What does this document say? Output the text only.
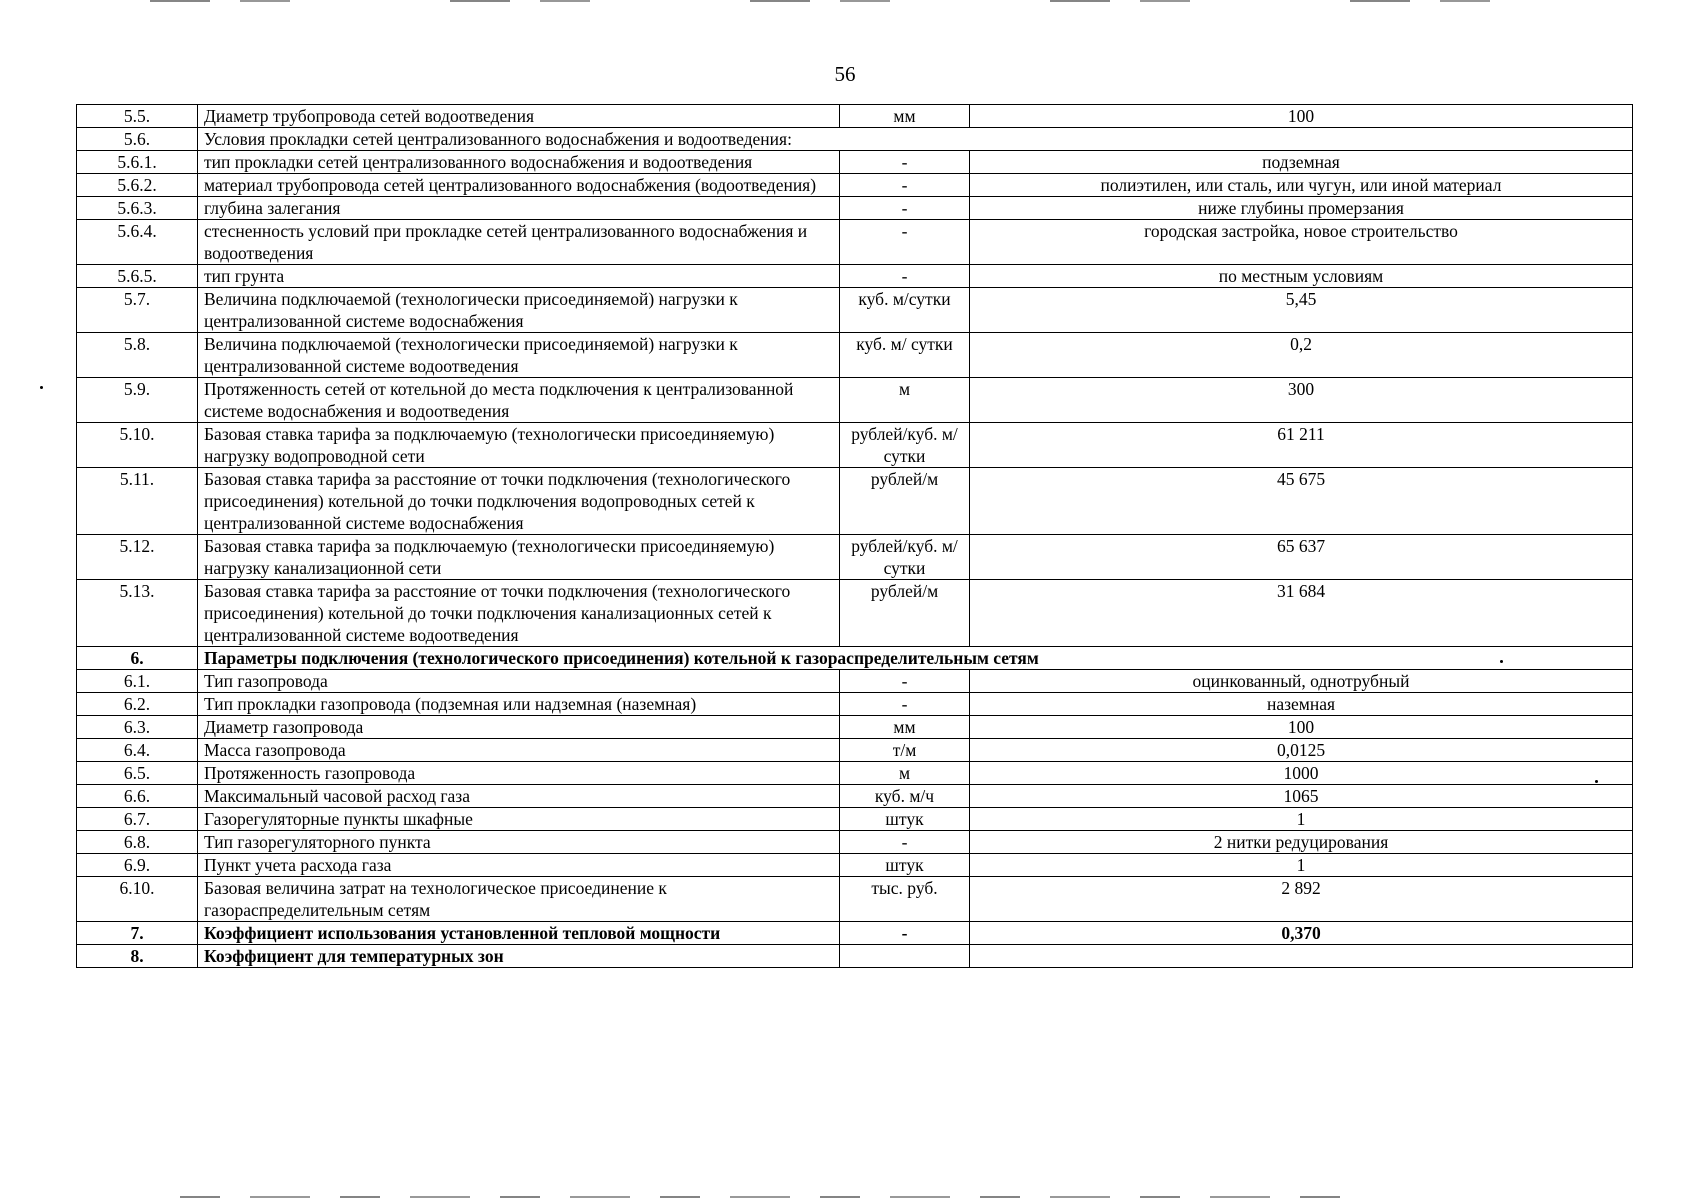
56
5.5.	Диаметр трубопровода сетей водоотведения	мм	100
5.6.	Условия прокладки сетей централизованного водоснабжения и водоотведения:		
5.6.1.	тип прокладки сетей централизованного водоснабжения и водоотведения	-	подземная
5.6.2.	материал трубопровода сетей централизованного водоснабжения (водоотведения)	-	полиэтилен, или сталь, или чугун, или иной материал
5.6.3.	глубина залегания	-	ниже глубины промерзания
5.6.4.	стесненность условий при прокладке сетей централизованного водоснабжения и водоотведения	-	городская застройка, новое строительство
5.6.5.	тип грунта	-	по местным условиям
5.7.	Величина подключаемой (технологически присоединяемой) нагрузки к централизованной системе водоснабжения	куб. м/сутки	5,45
5.8.	Величина подключаемой (технологически присоединяемой) нагрузки к централизованной системе водоотведения	куб. м/ сутки	0,2
5.9.	Протяженность сетей от котельной до места подключения к централизованной системе водоснабжения и водоотведения	м	300
5.10.	Базовая ставка тарифа за подключаемую (технологически присоединяемую) нагрузку водопроводной сети	рублей/куб. м/сутки	61 211
5.11.	Базовая ставка тарифа за расстояние от точки подключения (технологического присоединения) котельной до точки подключения водопроводных сетей к централизованной системе водоснабжения	рублей/м	45 675
5.12.	Базовая ставка тарифа за подключаемую (технологически присоединяемую) нагрузку канализационной сети	рублей/куб. м/сутки	65 637
5.13.	Базовая ставка тарифа за расстояние от точки подключения (технологического присоединения) котельной до точки подключения канализационных сетей к централизованной системе водоотведения	рублей/м	31 684
6.	Параметры подключения (технологического присоединения) котельной к газораспределительным сетям		
6.1.	Тип газопровода	-	оцинкованный, однотрубный
6.2.	Тип прокладки газопровода (подземная или надземная (наземная)	-	наземная
6.3.	Диаметр газопровода	мм	100
6.4.	Масса газопровода	т/м	0,0125
6.5.	Протяженность газопровода	м	1000
6.6.	Максимальный часовой расход газа	куб. м/ч	1065
6.7.	Газорегуляторные пункты шкафные	штук	1
6.8.	Тип газорегуляторного пункта	-	2 нитки редуцирования
6.9.	Пункт учета расхода газа	штук	1
6.10.	Базовая величина затрат на технологическое присоединение к газораспределительным сетям	тыс. руб.	2 892
7.	Коэффициент использования установленной тепловой мощности	-	0,370
8.	Коэффициент для температурных зон		
